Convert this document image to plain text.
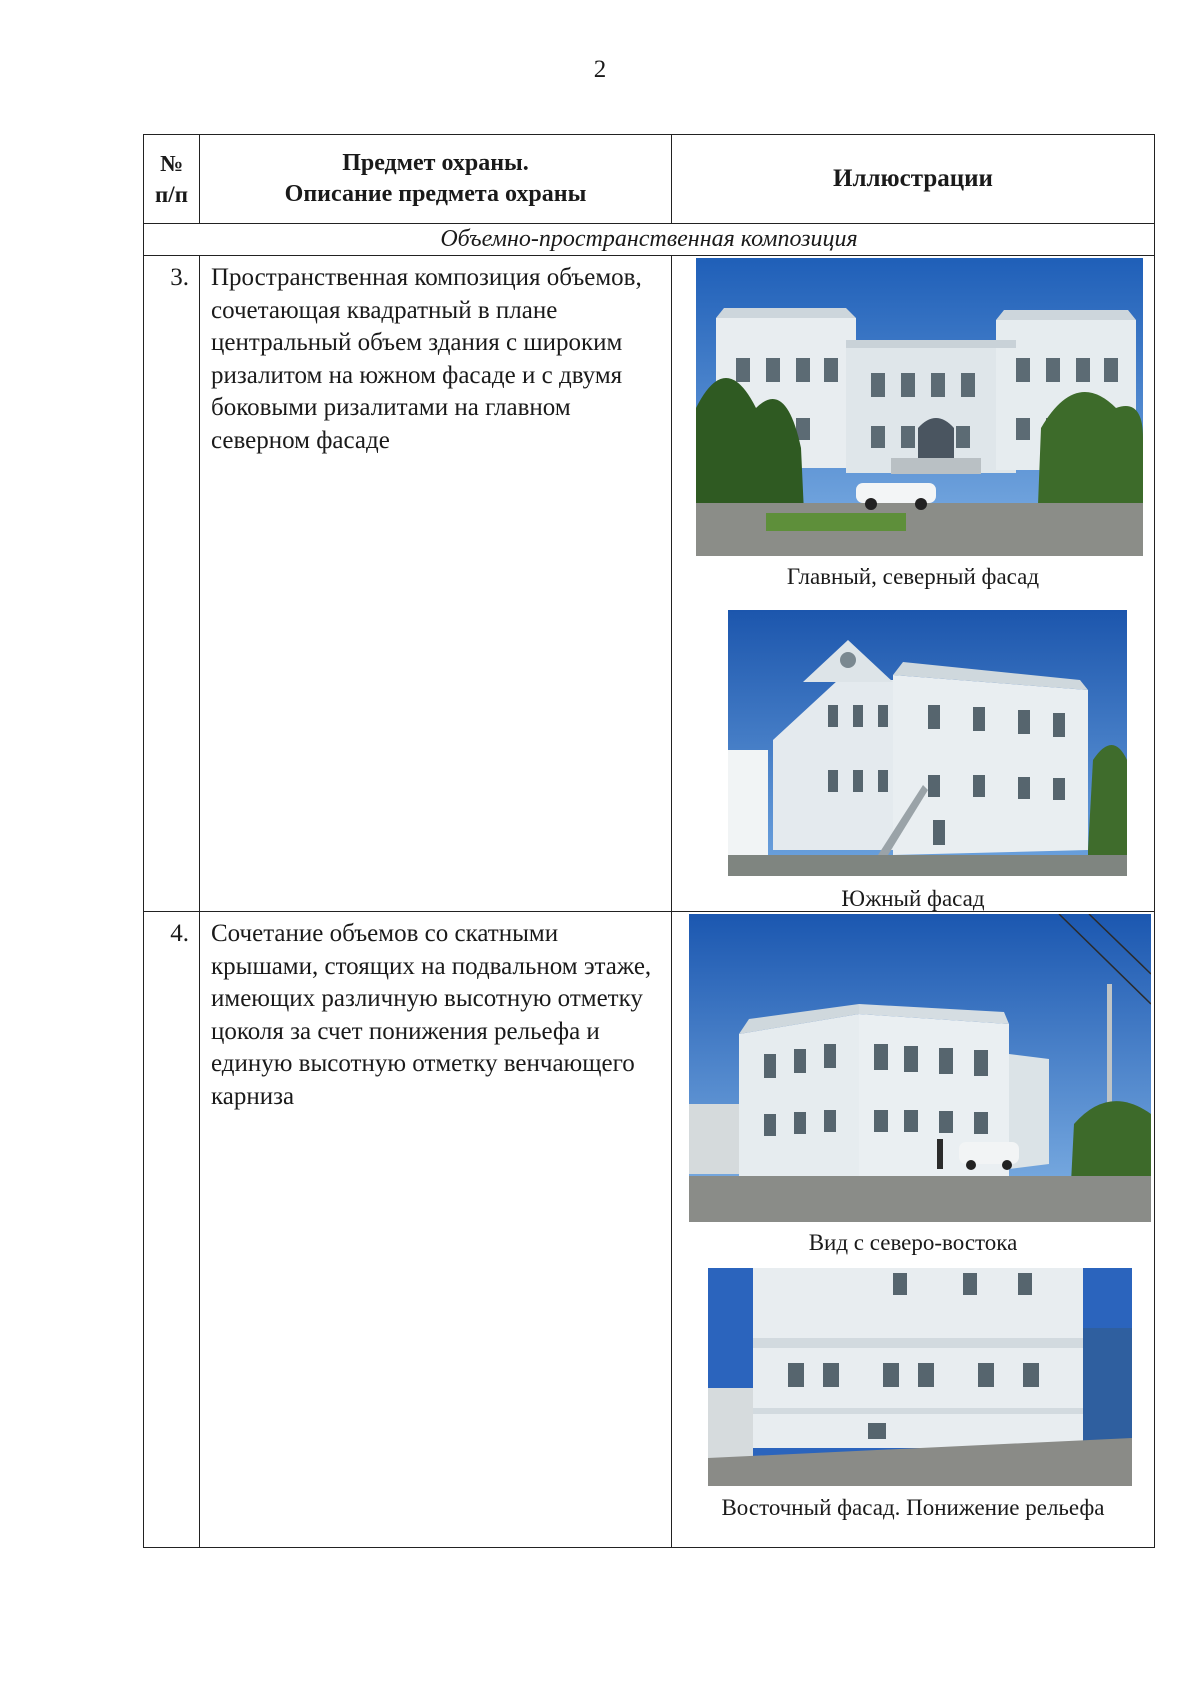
2
№
п/п
Предмет охраны.
Описание предмета охраны
Иллюстрации
Объемно-пространственная композиция
3. Пространственная композиция объемов, сочетающая квадратный в плане центральный объем здания с широким ризалитом на южном фасаде и с двумя боковыми ризалитами на главном северном фасаде
Главный, северный фасад
Южный фасад
4. Сочетание объемов со скатными крышами, стоящих на подвальном этаже, имеющих различную высотную отметку цоколя за счет понижения рельефа и единую высотную отметку венчающего карниза
Вид с северо-востока
Восточный фасад. Понижение рельефа
